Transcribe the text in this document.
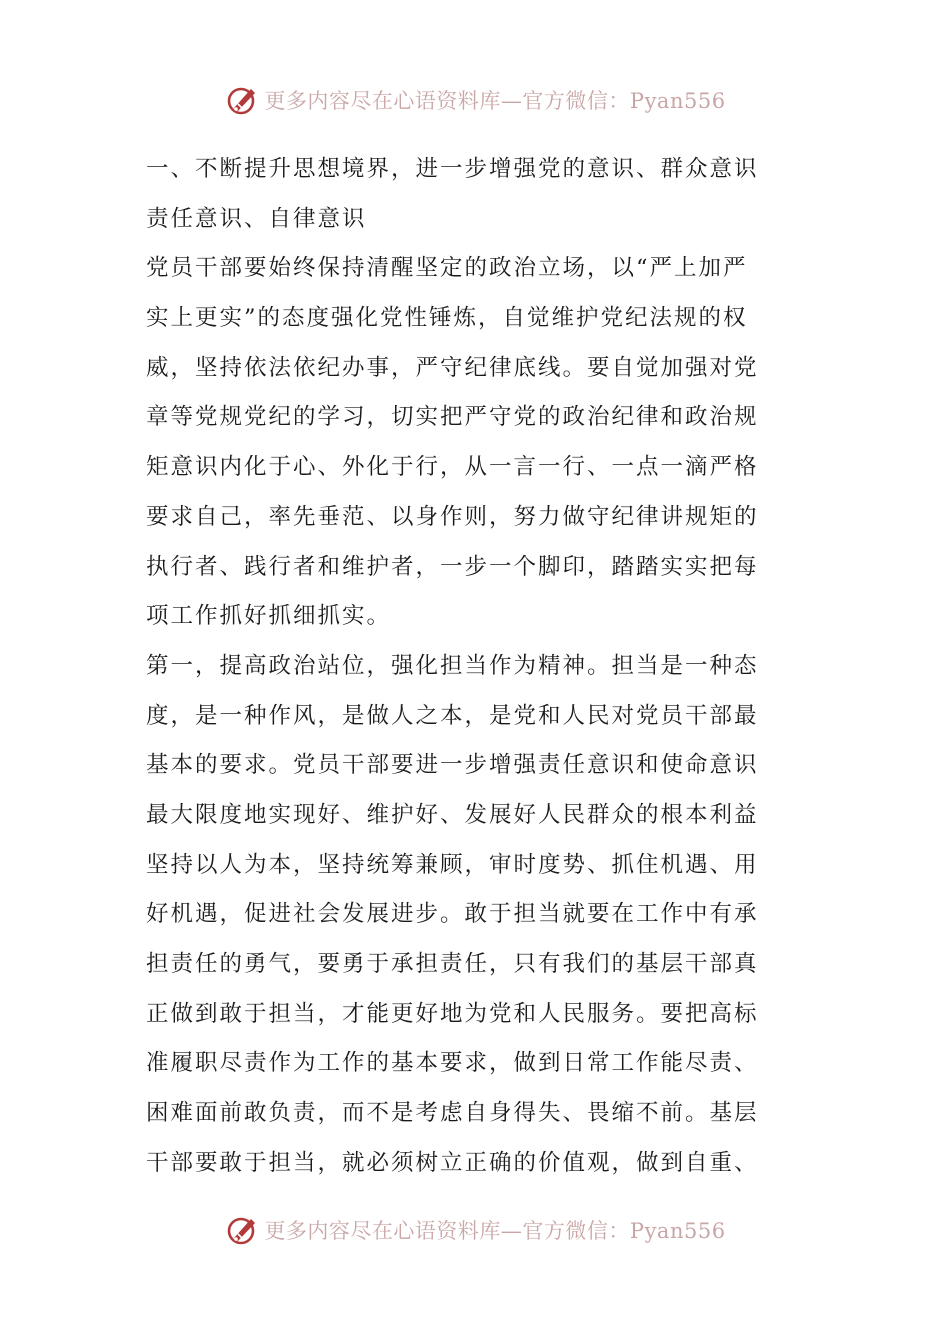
更多内容尽在心语资料库—官方微信：Pyan556
一、不断提升思想境界，进一步增强党的意识、群众意识
责任意识、自律意识
党员干部要始终保持清醒坚定的政治立场，以“严上加严
实上更实”的态度强化党性锤炼，自觉维护党纪法规的权
威，坚持依法依纪办事，严守纪律底线。要自觉加强对党
章等党规党纪的学习，切实把严守党的政治纪律和政治规
矩意识内化于心、外化于行，从一言一行、一点一滴严格
要求自己，率先垂范、以身作则，努力做守纪律讲规矩的
执行者、践行者和维护者，一步一个脚印，踏踏实实把每
项工作抓好抓细抓实。
第一，提高政治站位，强化担当作为精神。担当是一种态
度，是一种作风，是做人之本，是党和人民对党员干部最
基本的要求。党员干部要进一步增强责任意识和使命意识
最大限度地实现好、维护好、发展好人民群众的根本利益
坚持以人为本，坚持统筹兼顾，审时度势、抓住机遇、用
好机遇，促进社会发展进步。敢于担当就要在工作中有承
担责任的勇气，要勇于承担责任，只有我们的基层干部真
正做到敢于担当，才能更好地为党和人民服务。要把高标
准履职尽责作为工作的基本要求，做到日常工作能尽责、
困难面前敢负责，而不是考虑自身得失、畏缩不前。基层
干部要敢于担当，就必须树立正确的价值观，做到自重、
更多内容尽在心语资料库—官方微信：Pyan556
